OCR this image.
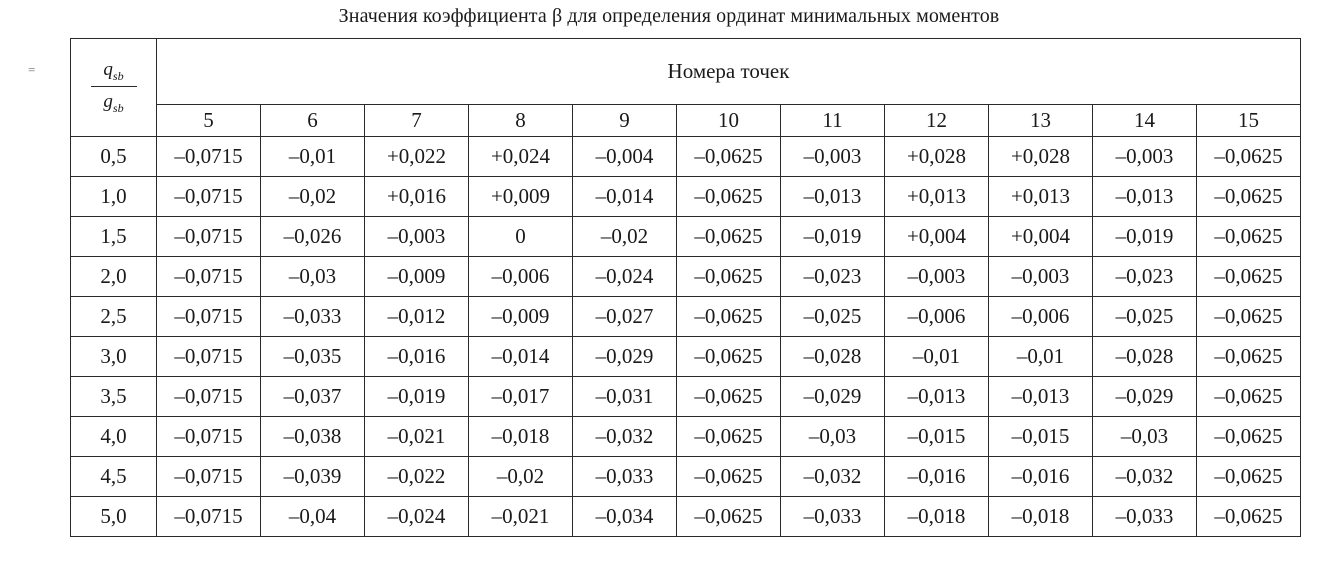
Значения коэффициента β для определения ординат минимальных моментов
=	$q_{sb}$
$g_{sb}$	Номера точек										
	5	6	7	8	9	10	11	12	13	14	15
0,5	–0,0715	–0,01	+0,022	+0,024	–0,004	–0,0625	–0,003	+0,028	+0,028	–0,003	–0,0625
1,0	–0,0715	–0,02	+0,016	+0,009	–0,014	–0,0625	–0,013	+0,013	+0,013	–0,013	–0,0625
1,5	–0,0715	–0,026	–0,003	0	–0,02	–0,0625	–0,019	+0,004	+0,004	–0,019	–0,0625
2,0	–0,0715	–0,03	–0,009	–0,006	–0,024	–0,0625	–0,023	–0,003	–0,003	–0,023	–0,0625
2,5	–0,0715	–0,033	–0,012	–0,009	–0,027	–0,0625	–0,025	–0,006	–0,006	–0,025	–0,0625
3,0	–0,0715	–0,035	–0,016	–0,014	–0,029	–0,0625	–0,028	–0,01	–0,01	–0,028	–0,0625
3,5	–0,0715	–0,037	–0,019	–0,017	–0,031	–0,0625	–0,029	–0,013	–0,013	–0,029	–0,0625
4,0	–0,0715	–0,038	–0,021	–0,018	–0,032	–0,0625	–0,03	–0,015	–0,015	–0,03	–0,0625
4,5	–0,0715	–0,039	–0,022	–0,02	–0,033	–0,0625	–0,032	–0,016	–0,016	–0,032	–0,0625
5,0	–0,0715	–0,04	–0,024	–0,021	–0,034	–0,0625	–0,033	–0,018	–0,018	–0,033	–0,0625
